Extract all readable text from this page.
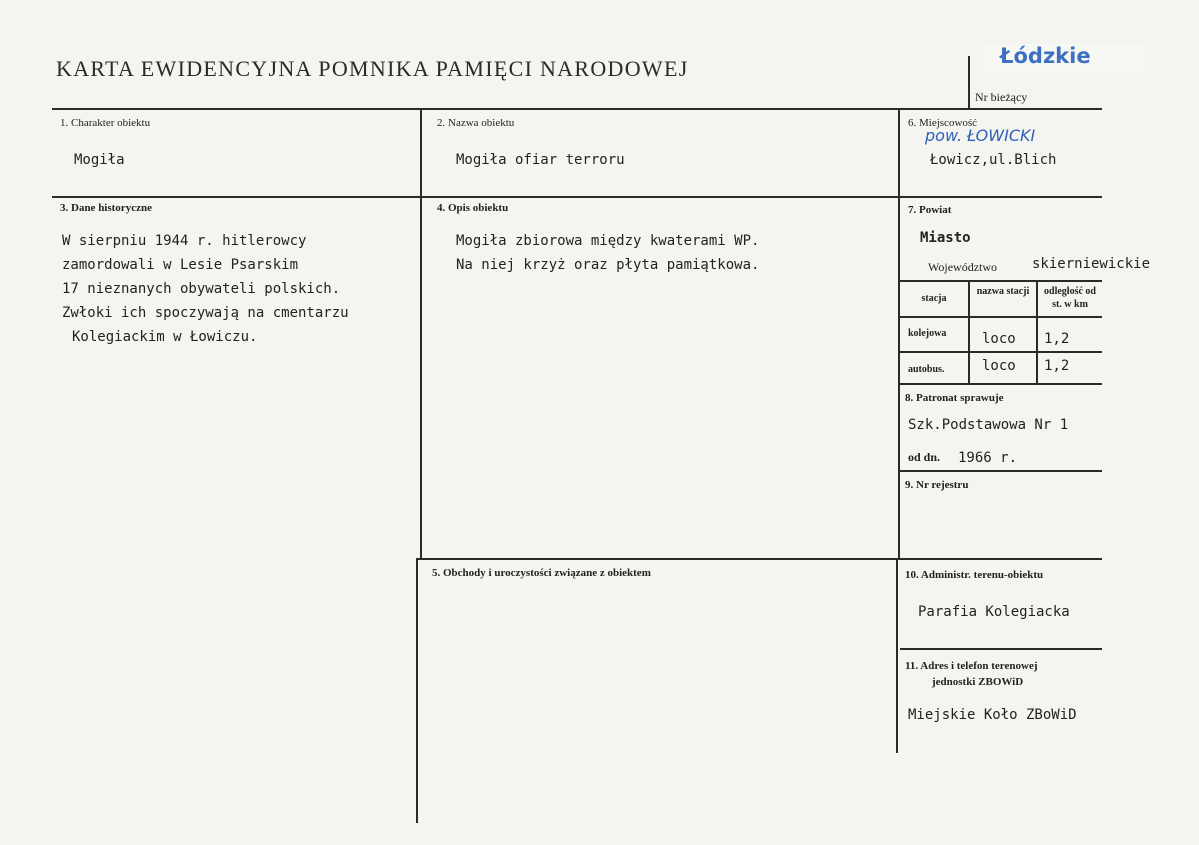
KARTA EWIDENCYJNA POMNIKA PAMIĘCI NARODOWEJ	Łódzkie
Nr bieżący
1. Charakter obiektu
Mogiła
2. Nazwa obiektu
Mogiła ofiar terroru
6. Miejscowość
pow. ŁOWICKI
Łowicz,ul.Blich
3. Dane historyczne
W sierpniu 1944 r. hitlerowcy
zamordowali w Lesie Psarskim
17 nieznanych obywateli polskich.
Zwłoki ich spoczywają na cmentarzu
Kolegiackim w Łowiczu.
4. Opis obiektu
Mogiła zbiorowa między kwaterami WP.
Na niej krzyż oraz płyta pamiątkowa.
7. Powiat
Miasto
Województwo skierniewickie
stacja
nazwa stacji	odległość od st. w km
kolejowa	loco 1,2
autobus.	loco 1,2
8. Patronat sprawuje
Szk.Podstawowa Nr 1
od dn. 1966 r.
9. Nr rejestru
5. Obchody i uroczystości związane z obiektem	10. Administr. terenu-obiektu
Parafia Kolegiacka
11. Adres i telefon terenowej
jednostki ZBOWiD
Miejskie Koło ZBoWiD
